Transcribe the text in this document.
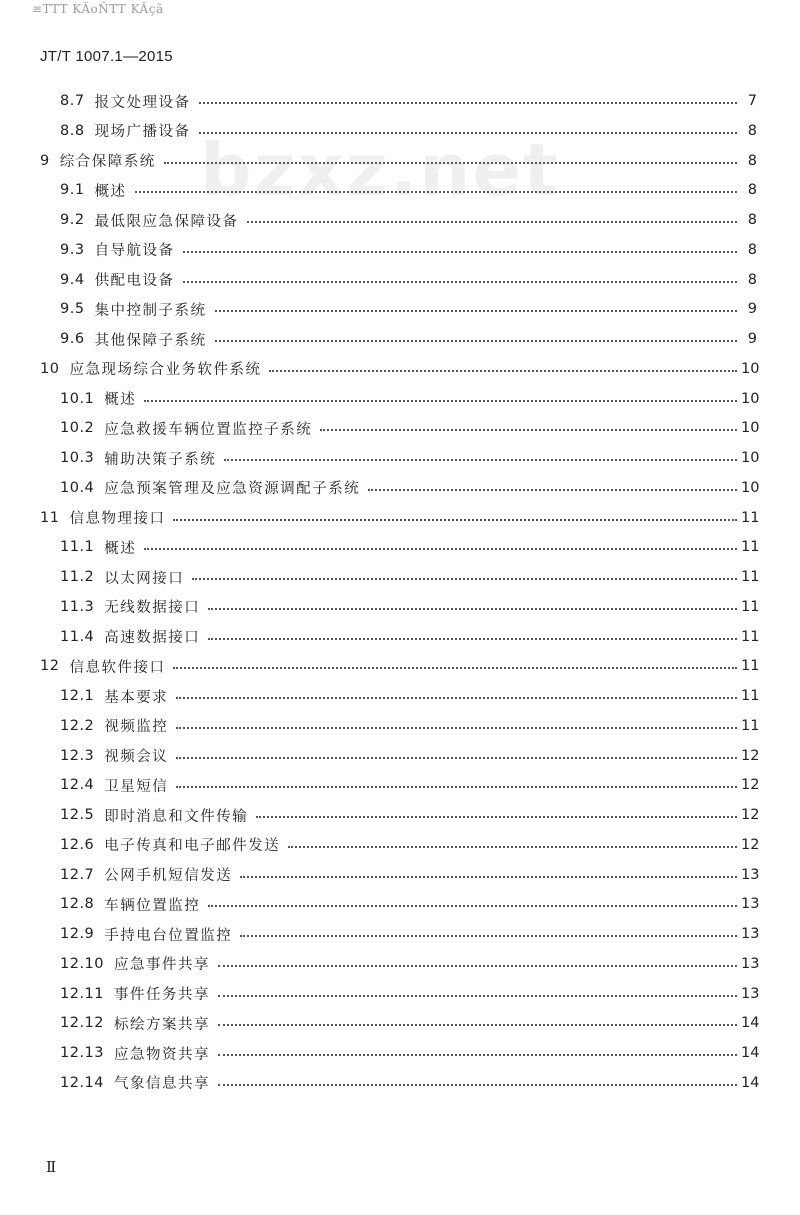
≡ΤΤΤ KÃoÑΤΤ KÃçã
JT/T 1007.1—2015
bzxz.net
8.7 报文处理设备	7
8.8 现场广播设备	8
9 综合保障系统	8
9.1 概述	8
9.2 最低限应急保障设备	8
9.3 自导航设备	8
9.4 供配电设备	8
9.5 集中控制子系统	9
9.6 其他保障子系统	9
10 应急现场综合业务软件系统	10
10.1 概述	10
10.2 应急救援车辆位置监控子系统	10
10.3 辅助决策子系统	10
10.4 应急预案管理及应急资源调配子系统	10
11 信息物理接口	11
11.1 概述	11
11.2 以太网接口	11
11.3 无线数据接口	11
11.4 高速数据接口	11
12 信息软件接口	11
12.1 基本要求	11
12.2 视频监控	11
12.3 视频会议	12
12.4 卫星短信	12
12.5 即时消息和文件传输	12
12.6 电子传真和电子邮件发送	12
12.7 公网手机短信发送	13
12.8 车辆位置监控	13
12.9 手持电台位置监控	13
12.10 应急事件共享	13
12.11 事件任务共享	13
12.12 标绘方案共享	14
12.13 应急物资共享	14
12.14 气象信息共享	14
Ⅱ
